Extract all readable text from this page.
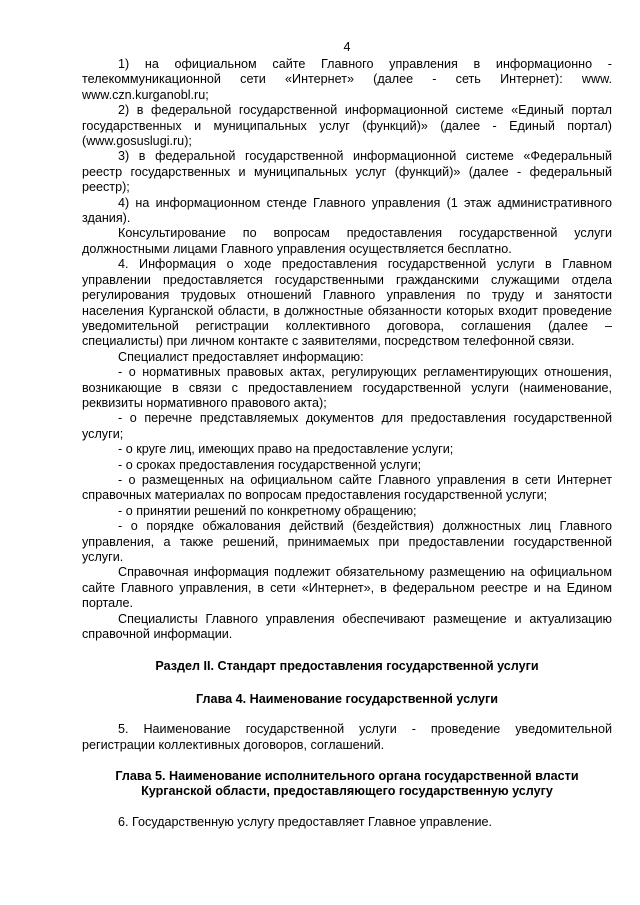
4

1) на официальном сайте Главного управления в информационно - телекоммуникационной сети «Интернет» (далее - сеть Интернет): www. www.czn.kurganobl.ru;

2) в федеральной государственной информационной системе «Единый портал государственных и муниципальных услуг (функций)» (далее - Единый портал) (www.gosuslugi.ru);

3) в федеральной государственной информационной системе «Федеральный реестр государственных и муниципальных услуг (функций)» (далее - федеральный реестр);

4) на информационном стенде Главного управления (1 этаж административного здания).

Консультирование по вопросам предоставления государственной услуги должностными лицами Главного управления осуществляется бесплатно.

4. Информация о ходе предоставления государственной услуги в Главном управлении предоставляется государственными гражданскими служащими отдела регулирования трудовых отношений Главного управления по труду и занятости населения Курганской области, в должностные обязанности которых входит проведение уведомительной регистрации коллективного договора, соглашения (далее – специалисты) при личном контакте с заявителями, посредством телефонной связи.

Специалист предоставляет информацию:

- о нормативных правовых актах, регулирующих регламентирующих отношения, возникающие в связи с предоставлением государственной услуги (наименование, реквизиты нормативного правового акта);

- о перечне представляемых документов для предоставления государственной услуги;

- о круге лиц, имеющих право на предоставление услуги;

- о сроках предоставления государственной услуги;

- о размещенных на официальном сайте Главного управления в сети Интернет справочных материалах по вопросам предоставления государственной услуги;

- о принятии решений по конкретному обращению;

- о порядке обжалования действий (бездействия) должностных лиц Главного управления, а также решений, принимаемых при предоставлении государственной услуги.

Справочная информация подлежит обязательному размещению на официальном сайте Главного управления, в сети «Интернет», в федеральном реестре и на Едином портале.

Специалисты Главного управления обеспечивают размещение и актуализацию справочной информации.

Раздел II. Стандарт предоставления государственной услуги

Глава 4. Наименование государственной услуги

5. Наименование государственной услуги - проведение уведомительной регистрации коллективных договоров, соглашений.

Глава 5. Наименование исполнительного органа государственной власти
Курганской области, предоставляющего государственную услугу

6. Государственную услугу предоставляет Главное управление.
